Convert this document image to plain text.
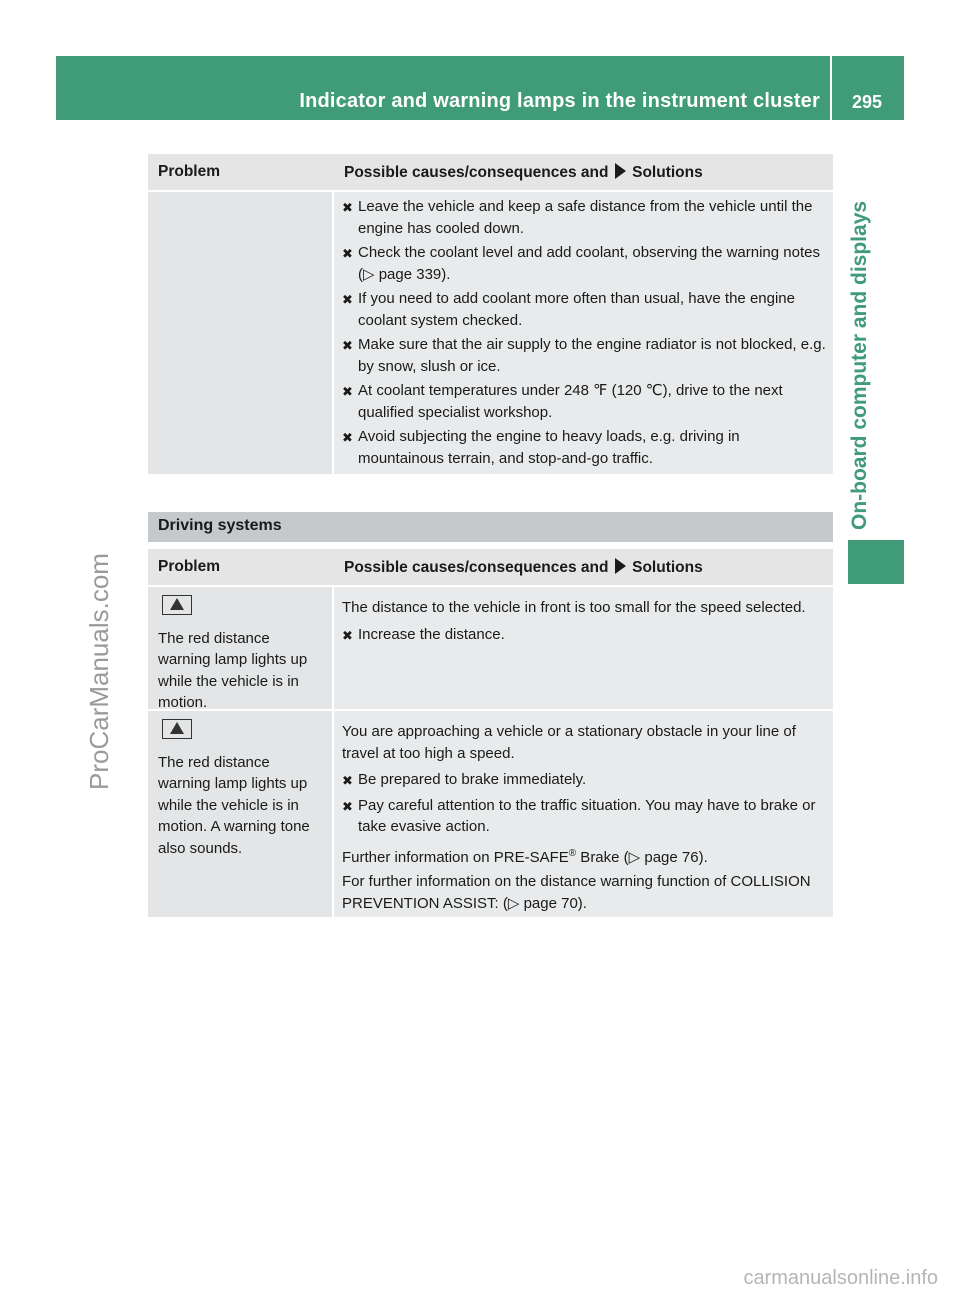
Indicator and warning lamps in the instrument cluster 295
On-board computer and displays
ProCarManuals.com
carmanualsonline.info
Problem	Possible causes/consequences and Solutions
✖ Leave the vehicle and keep a safe distance from the vehicle until the engine has cooled down.
✖ Check the coolant level and add coolant, observing the warning notes (▷ page 339).
✖ If you need to add coolant more often than usual, have the engine coolant system checked.
✖ Make sure that the air supply to the engine radiator is not blocked, e.g. by snow, slush or ice.
✖ At coolant temperatures under 248 ℉ (120 ℃), drive to the next qualified specialist workshop.
✖ Avoid subjecting the engine to heavy loads, e.g. driving in mountainous terrain, and stop-and-go traffic.
Driving systems
Problem	Possible causes/consequences and Solutions
The red distance warning lamp lights up while the vehicle is in motion.
The distance to the vehicle in front is too small for the speed selected.
✖ Increase the distance.
The red distance warning lamp lights up while the vehicle is in motion. A warning tone also sounds.
You are approaching a vehicle or a stationary obstacle in your line of travel at too high a speed.
✖ Be prepared to brake immediately.
✖ Pay careful attention to the traffic situation. You may have to brake or take evasive action.
Further information on PRE-SAFE® Brake (▷ page 76).
For further information on the distance warning function of COLLISION PREVENTION ASSIST: (▷ page 70).
